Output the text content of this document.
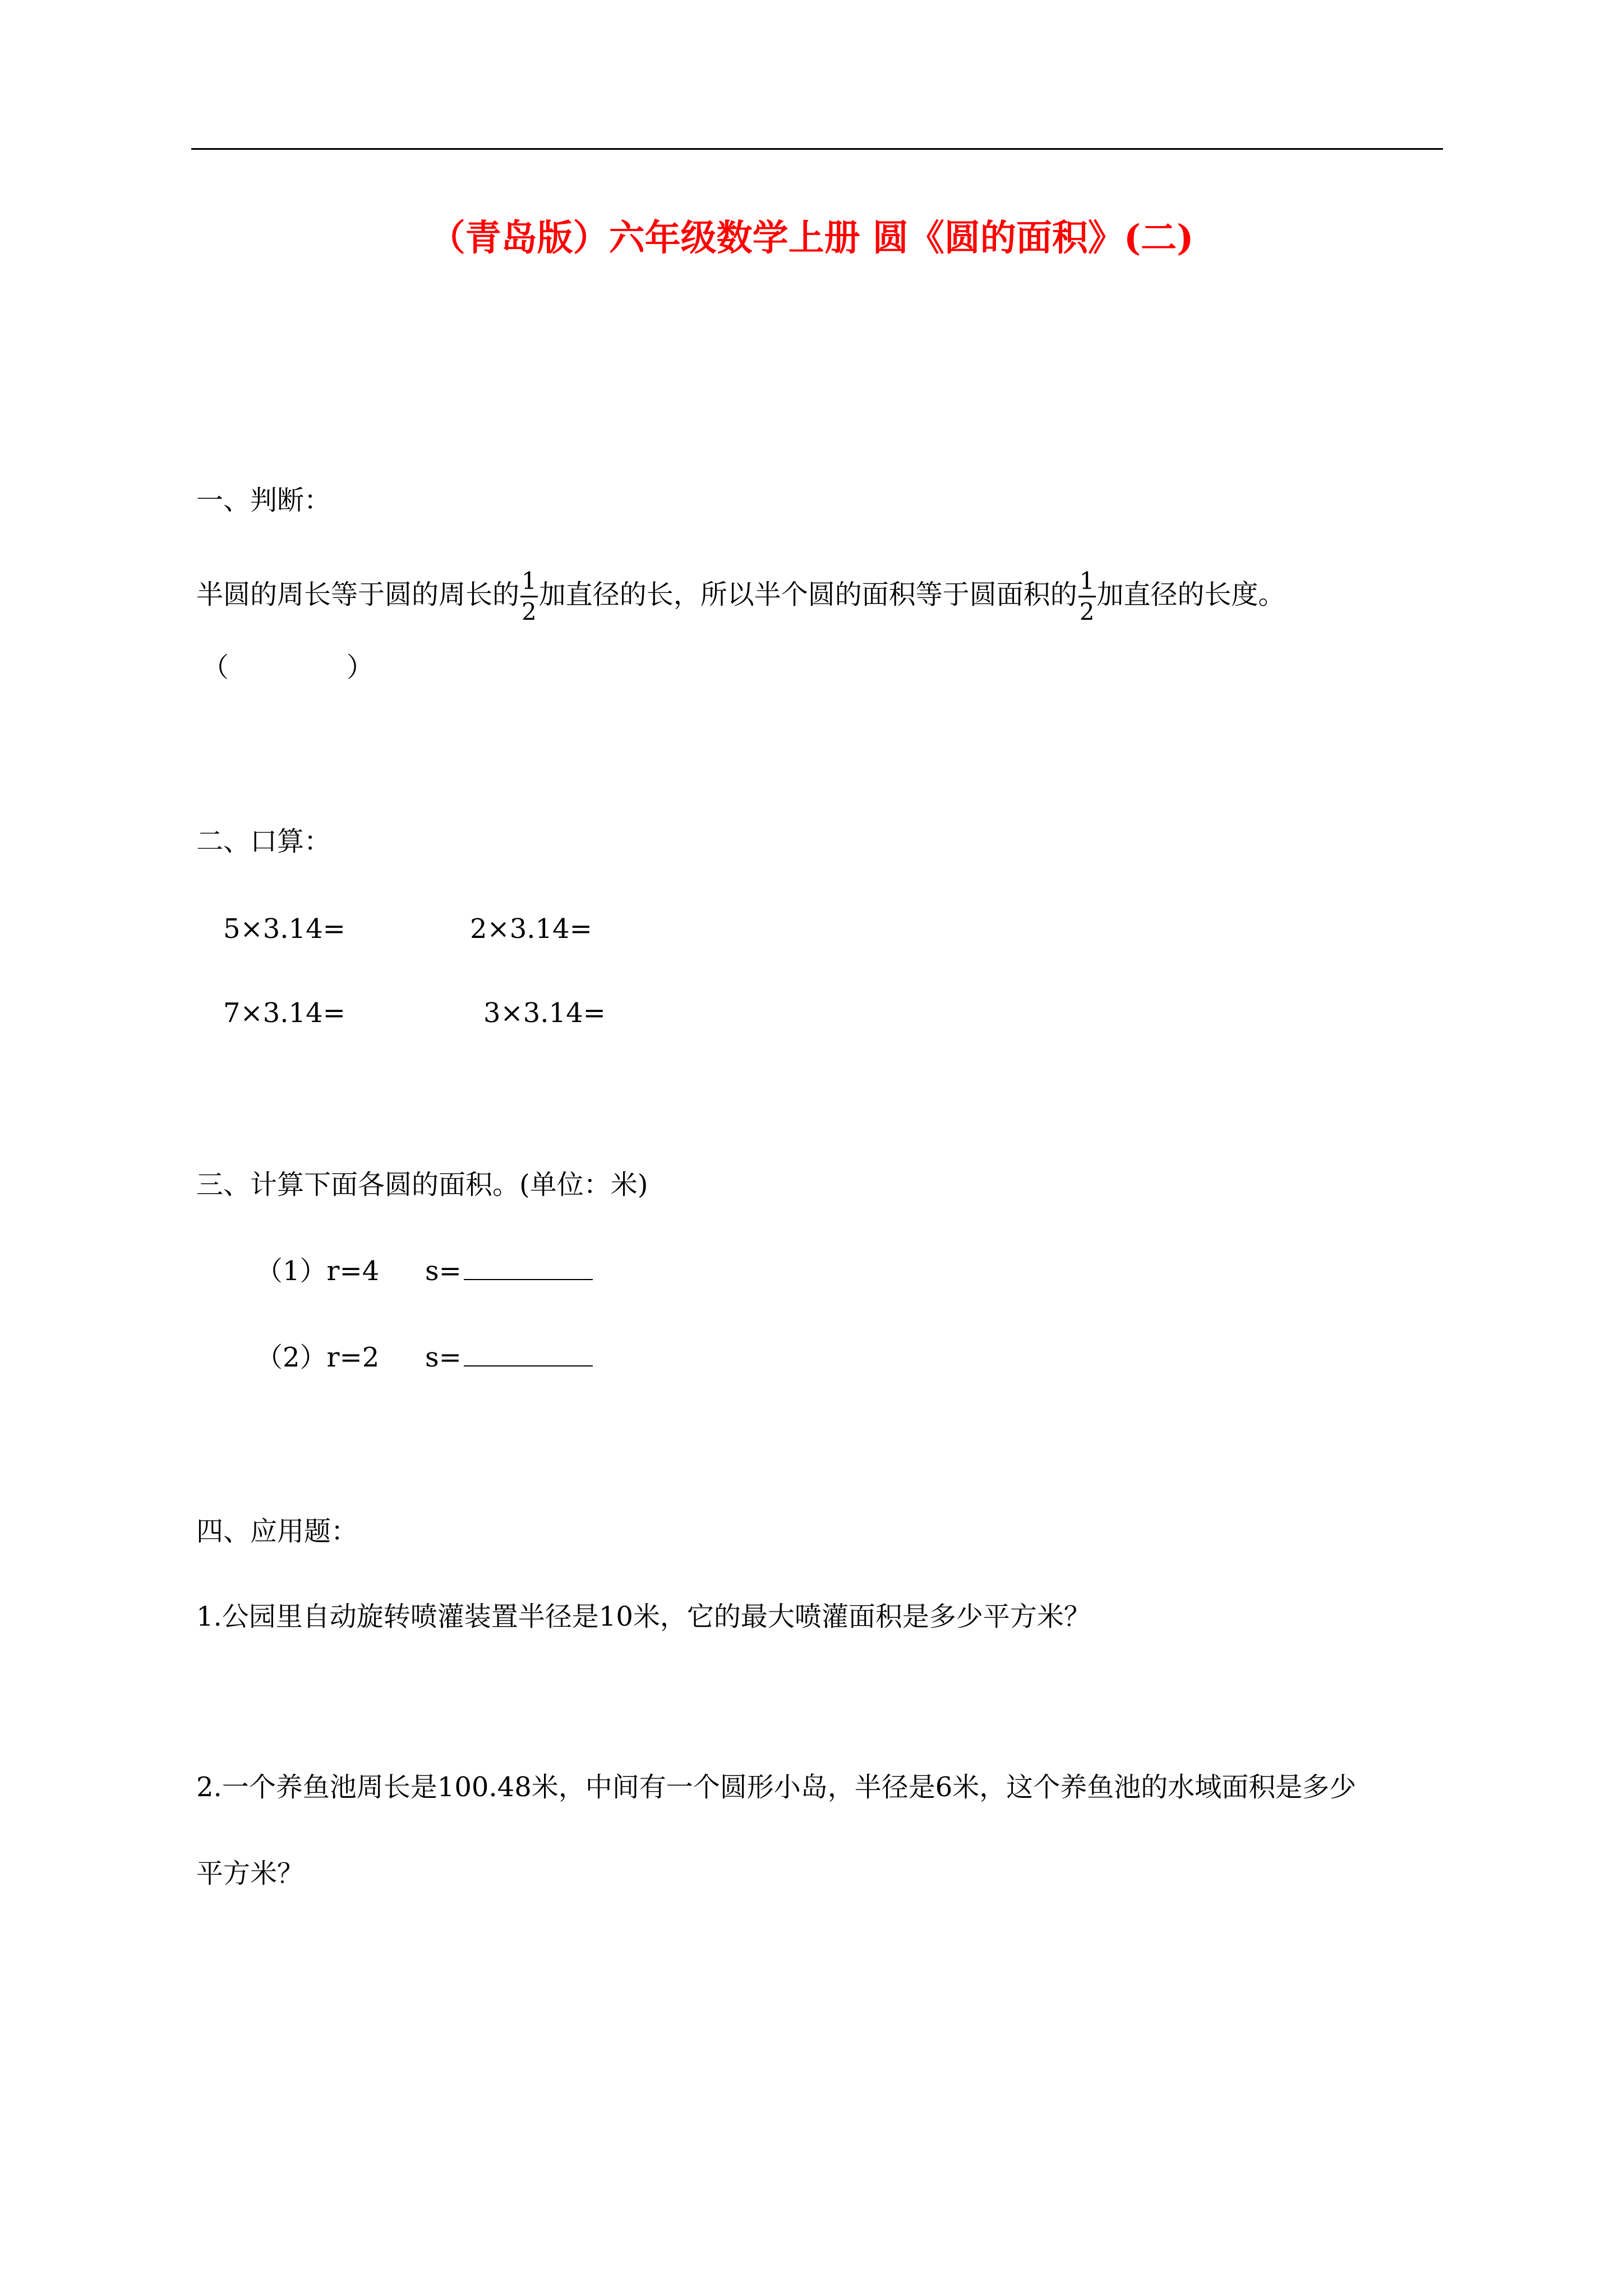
（青岛版）六年级数学上册 圆《圆的面积》(二)
一、判断：
半圆的周长等于圆的周长的 $\frac{1}{2}$ 加直径的长，所以半个圆的面积等于圆面积的 $\frac{1}{2}$ 加直径的长度。
（	）
二、口算：
5×3.14=	2×3.14=
7×3.14=	3×3.14=
三、计算下面各圆的面积。(单位：米)
（1）r=4 s=
（2）r=2 s=
四、应用题：
1.公园里自动旋转喷灌装置半径是10米，它的最大喷灌面积是多少平方米？
2.一个养鱼池周长是100.48米，中间有一个圆形小岛，半径是6米，这个养鱼池的水域面积是多少
平方米？
